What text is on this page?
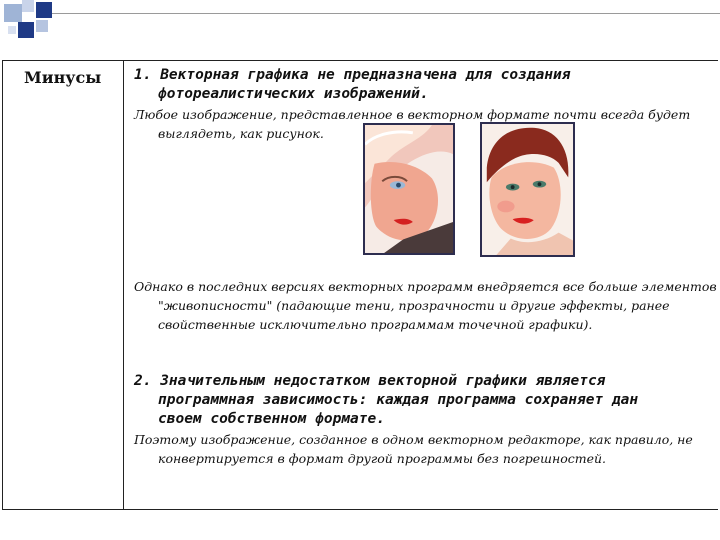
Минусы 1. Векторная графика не предназначена для создания
фотореалистических изображений.
Любое изображение, представленное в векторном формате почти всегда будет
выглядеть, как рисунок.
Однако в последних версиях векторных программ внедряется все больше элементов
"живописности" (падающие тени, прозрачности и другие эффекты, ранее
свойственные исключительно программам точечной графики).
2. Значительным недостатком векторной графики является
программная зависимость: каждая программа сохраняет дан
своем собственном формате.
Поэтому изображение, созданное в одном векторном редакторе, как правило, не
конвертируется в формат другой программы без погрешностей.
